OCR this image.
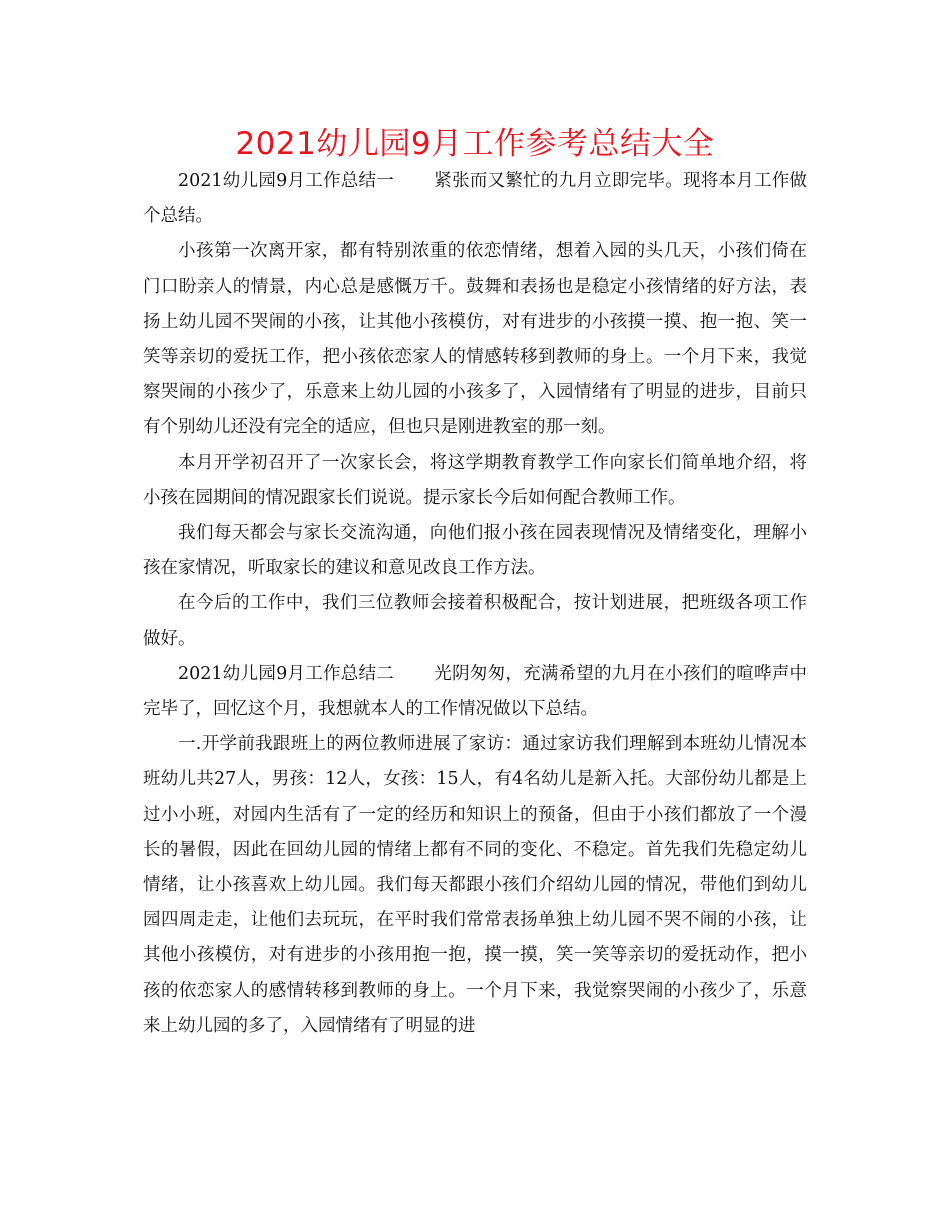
2021幼儿园9月工作参考总结大全

2021幼儿园9月工作总结一 紧张而又繁忙的九月立即完毕。现将本月工作做个总结。

小孩第一次离开家，都有特别浓重的依恋情绪，想着入园的头几天，小孩们倚在门口盼亲人的情景，内心总是感慨万千。鼓舞和表扬也是稳定小孩情绪的好方法，表扬上幼儿园不哭闹的小孩，让其他小孩模仿，对有进步的小孩摸一摸、抱一抱、笑一笑等亲切的爱抚工作，把小孩依恋家人的情感转移到教师的身上。一个月下来，我觉察哭闹的小孩少了，乐意来上幼儿园的小孩多了，入园情绪有了明显的进步，目前只有个别幼儿还没有完全的适应，但也只是刚进教室的那一刻。

本月开学初召开了一次家长会，将这学期教育教学工作向家长们简单地介绍，将小孩在园期间的情况跟家长们说说。提示家长今后如何配合教师工作。

我们每天都会与家长交流沟通，向他们报小孩在园表现情况及情绪变化，理解小孩在家情况，听取家长的建议和意见改良工作方法。

在今后的工作中，我们三位教师会接着积极配合，按计划进展，把班级各项工作做好。

2021幼儿园9月工作总结二 光阴匆匆，充满希望的九月在小孩们的喧哗声中完毕了，回忆这个月，我想就本人的工作情况做以下总结。

一.开学前我跟班上的两位教师进展了家访：通过家访我们理解到本班幼儿情况本班幼儿共27人，男孩：12人，女孩：15人，有4名幼儿是新入托。大部份幼儿都是上过小小班，对园内生活有了一定的经历和知识上的预备，但由于小孩们都放了一个漫长的暑假，因此在回幼儿园的情绪上都有不同的变化、不稳定。首先我们先稳定幼儿情绪，让小孩喜欢上幼儿园。我们每天都跟小孩们介绍幼儿园的情况，带他们到幼儿园四周走走，让他们去玩玩，在平时我们常常表扬单独上幼儿园不哭不闹的小孩，让其他小孩模仿，对有进步的小孩用抱一抱，摸一摸，笑一笑等亲切的爱抚动作，把小孩的依恋家人的感情转移到教师的身上。一个月下来，我觉察哭闹的小孩少了，乐意来上幼儿园的多了，入园情绪有了明显的进
